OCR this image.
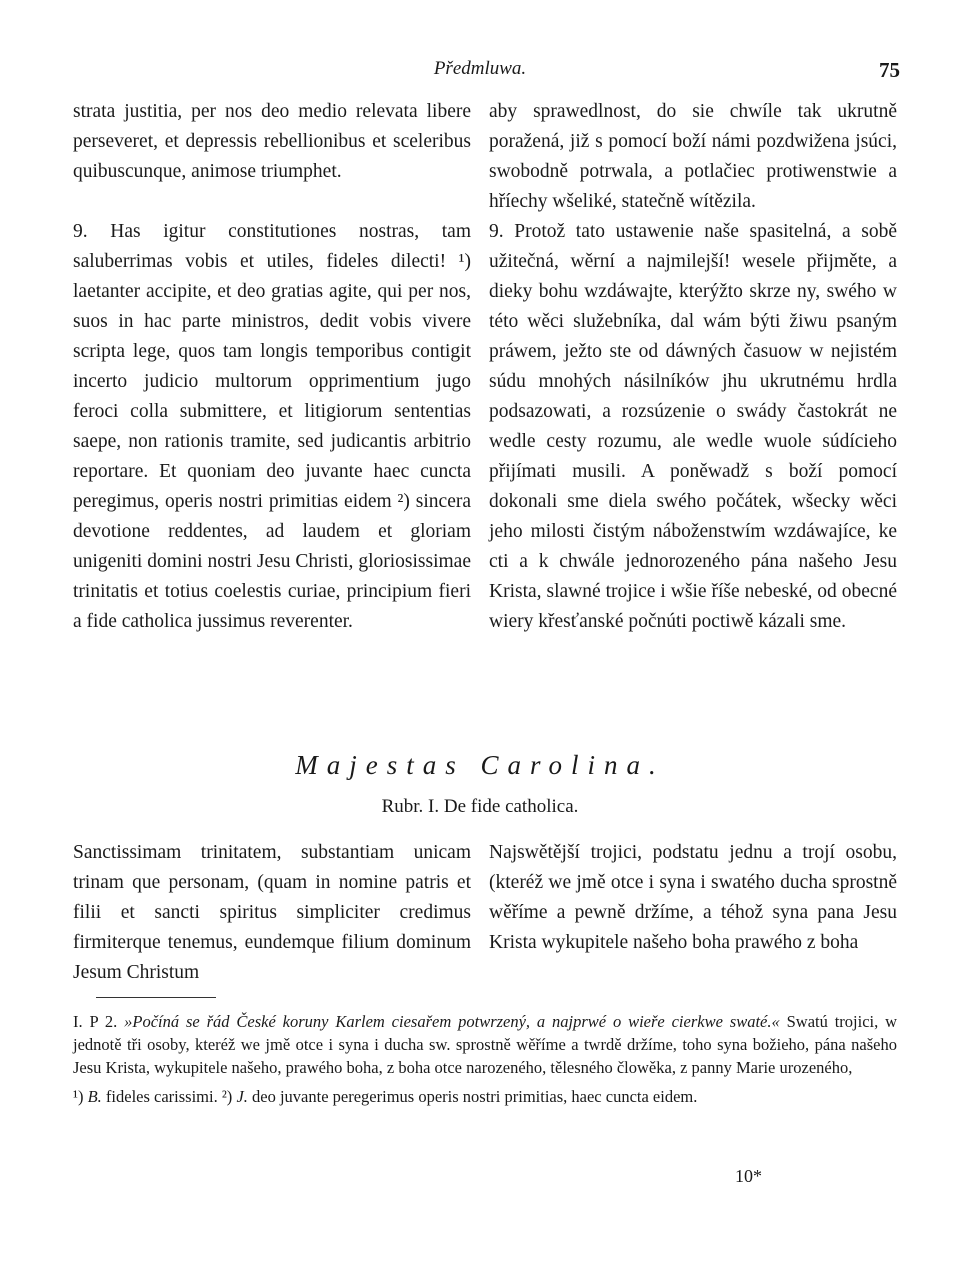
Předmluwa.	75

strata justitia, per nos deo medio relevata libere perseveret, et depressis rebellionibus et sceleribus quibuscunque, animose triumphet.

9. Has igitur constitutiones nostras, tam saluberrimas vobis et utiles, fideles dilecti! ¹) laetanter accipite, et deo gratias agite, qui per nos, suos in hac parte ministros, dedit vobis vivere scripta lege, quos tam longis temporibus contigit incerto judicio multorum opprimentium jugo feroci colla submittere, et litigiorum sententias saepe, non rationis tramite, sed judicantis arbitrio reportare. Et quoniam deo juvante haec cuncta peregimus, operis nostri primitias eidem ²) sincera devotione reddentes, ad laudem et gloriam unigeniti domini nostri Jesu Christi, gloriosissimae trinitatis et totius coelestis curiae, principium fieri a fide catholica jussimus reverenter.

aby sprawedlnost, do sie chwíle tak ukrutně poražená, již s pomocí boží námi pozdwižena jsúci, swobodně potrwala, a potlačiec protiwenstwie a hříechy wšeliké, statečně wítězila.

9. Protož tato ustawenie naše spasitelná, a sobě užitečná, wěrní a najmilejší! wesele přijměte, a dieky bohu wzdáwajte, kterýžto skrze ny, swého w této wěci služebníka, dal wám býti žiwu psaným práwem, ježto ste od dáwných časuow w nejistém súdu mnohých násilníków jhu ukrutnému hrdla podsazowati, a rozsúzenie o swády častokrát ne wedle cesty rozumu, ale wedle wuole súdícieho přijímati musili. A poněwadž s boží pomocí dokonali sme diela swého počátek, wšecky wěci jeho milosti čistým náboženstwím wzdáwajíce, ke cti a k chwále jednorozeného pána našeho Jesu Krista, slawné trojice i wšie říše nebeské, od obecné wiery křesťanské počnúti poctiwě kázali sme.

Majestas Carolina.
Rubr. I. De fide catholica.

Sanctissimam trinitatem, substantiam unicam trinam que personam, (quam in nomine patris et filii et sancti spiritus simpliciter credimus firmiterque tenemus, eundemque filium dominum Jesum Christum

Najswětější trojici, podstatu jednu a trojí osobu, (kteréž we jmě otce i syna i swatého ducha sprostně wěříme a pewně držíme, a téhož syna pana Jesu Krista wykupitele našeho boha prawého z boha

I. P 2. »Počíná se řád České koruny Karlem ciesařem potwrzený, a najprwé o wieře cierkwe swaté.« Swatú trojici, w jednotě tři osoby, kteréž we jmě otce i syna i ducha sw. sprostně wěříme a twrdě držíme, toho syna božieho, pána našeho Jesu Krista, wykupitele našeho, prawého boha, z boha otce narozeného, tělesného člowěka, z panny Marie urozeného,

¹) B. fideles carissimi. ²) J. deo juvante peregerimus operis nostri primitias, haec cuncta eidem.

10*
